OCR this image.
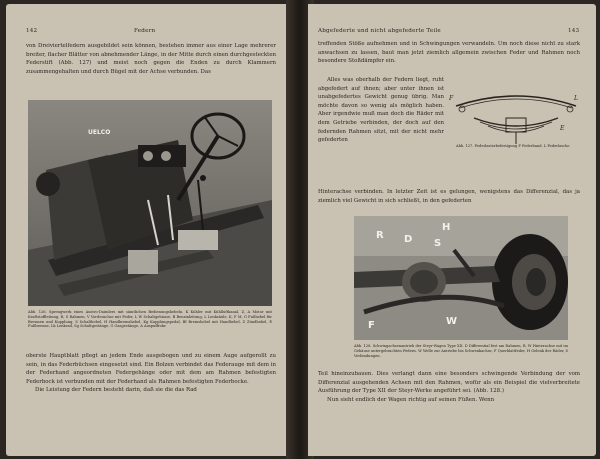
142	Federn

von Dreiviertelfedern ausgebildet sein können, bestehen immer aus einer Lage mehrerer breiter, flacher Blätter von abnehmender Länge, in der Mitte durch einen durchgesteckten Federstift (Abb. 127) und meist noch gegen die Enden zu durch Klammern zusammengehalten und durch Bügel mit der Achse verbunden. Das

UELCO
Abb. 126. Sprengwerk eines Austro-Daimlers mit sämtlichen Bedienungshebeln. K Kühler mit Kühlluftkanal, Z, A Motor mit Kraftstoffleitung, R, S Rahmen, V Vorderachse mit Feder, L W Schaltgehäuse, B Benzinleitung, L Lenksäule, K, F M, G Fußhebel für Bremsen und Kupplung, S Schalthebel, H Handbremshebel, Kg Kupplungspedal, Bf Bremshebel mit Handhebel, Z Zündhebel, E Fußbremse, Lk Lenkrad, Sg Schaltgestänge, G Gasgestänge, A Auspuffrohr.

oberste Hauptblatt pflegt an jedem Ende ausgebogen und zu einem Auge aufgerollt zu sein, in das Federbüchsen eingesetzt sind. Ein Bolzen verbindet das Federauge mit dem in der Federhand angeordneten Federgehänge oder mit dem am Rahmen befestigten Federbock ist verbunden mit der Federhand als Rahmen befestigten Federbocke.

Die Leistung der Federn besteht darin, daß sie die das Rad

Abgefederte und nicht abgefederte Teile	143

treffenden Stöße aufnehmen und in Schwingungen verwandeln. Um noch diese nicht zu stark anwachsen zu lassen, baut man jetzt ziemlich allgemein zwischen Feder und Rahmen noch besondere Stoßdämpfer ein.

Alles was oberhalb der Federn liegt, ruht abgefedert auf ihnen; aber unter ihnen ist unabgefedertes Gewicht genug übrig. Man möchte davon so wenig als möglich haben. Aber irgendwie muß man doch die Räder mit dem Getriebe verbinden, der doch auf den federnden Rahmen sitzt, mit der nicht mehr gefederten

F	L
E
Abb. 127. Federlasterbefestigung F Federband, L Federlasche

Hinterachse verbinden. In letzter Zeit ist es gelungen, wenigstens das Differenzial, das ja ziemlich viel Gewicht in sich schließt, in den gefederten

R D S
H
F	W
Abb. 128. Schwingachsenantrieb der Steyr-Wagen Type XII. D Differential fest am Rahmen, R, W Hinterachse mit im Gehäuse untergebrachten Federn. W Welle zur Antriebe bis Schwenkachse, F Querblattfeder, H Gelenk der Räder, S Verbindungen.

Teil hineinzubauen. Dies verlangt dann eine besonders schwingende Verbindung der vom Differenzial ausgehenden Achsen mit den Rahmen, wofür als ein Beispiel die vielverbreitete Ausführung der Type XII der Steyr-Werke angeführt sei. (Abb. 128.)

Nun sieht endlich der Wagen richtig auf seinen Füßen. Wenn
